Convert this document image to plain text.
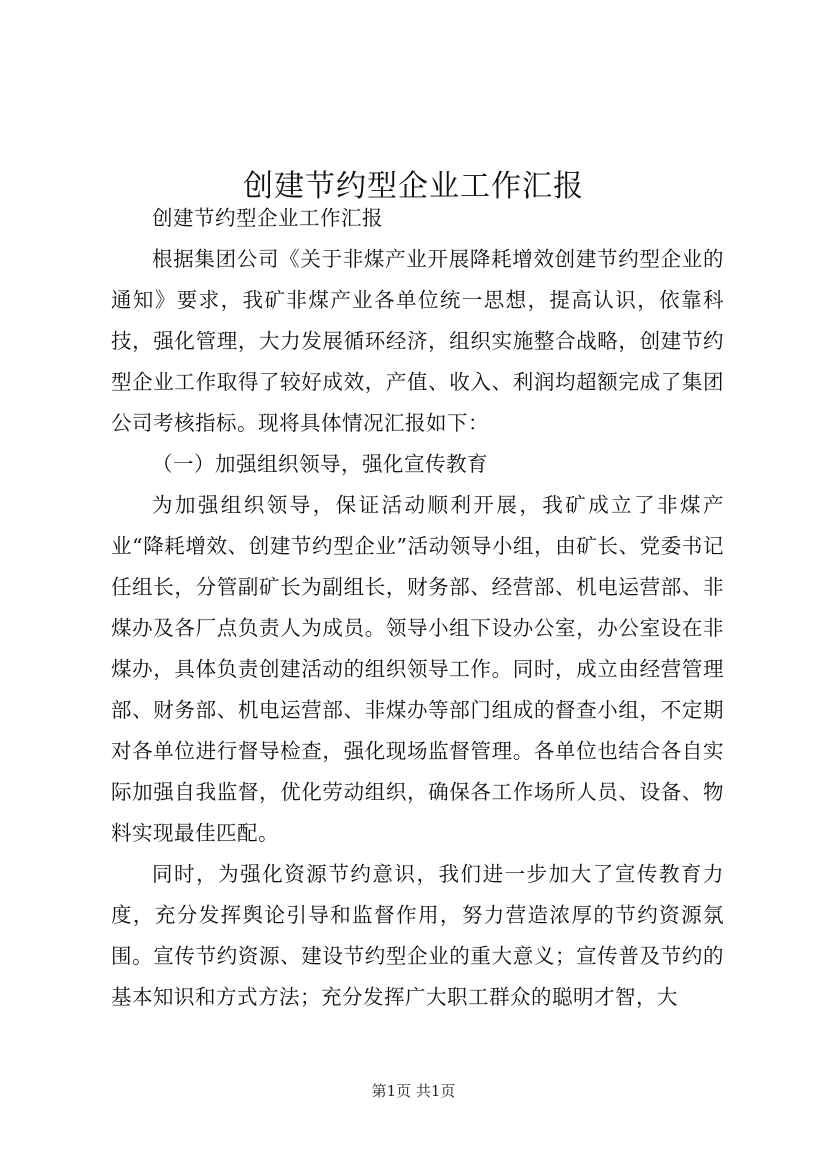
创建节约型企业工作汇报

创建节约型企业工作汇报

根据集团公司《关于非煤产业开展降耗增效创建节约型企业的通知》要求，我矿非煤产业各单位统一思想，提高认识，依靠科技，强化管理，大力发展循环经济，组织实施整合战略，创建节约型企业工作取得了较好成效，产值、收入、利润均超额完成了集团公司考核指标。现将具体情况汇报如下：

（一）加强组织领导，强化宣传教育

为加强组织领导，保证活动顺利开展，我矿成立了非煤产业“降耗增效、创建节约型企业”活动领导小组，由矿长、党委书记任组长，分管副矿长为副组长，财务部、经营部、机电运营部、非煤办及各厂点负责人为成员。领导小组下设办公室，办公室设在非煤办，具体负责创建活动的组织领导工作。同时，成立由经营管理部、财务部、机电运营部、非煤办等部门组成的督查小组，不定期对各单位进行督导检查，强化现场监督管理。各单位也结合各自实际加强自我监督，优化劳动组织，确保各工作场所人员、设备、物料实现最佳匹配。

同时，为强化资源节约意识，我们进一步加大了宣传教育力度，充分发挥舆论引导和监督作用，努力营造浓厚的节约资源氛围。宣传节约资源、建设节约型企业的重大意义；宣传普及节约的基本知识和方式方法；充分发挥广大职工群众的聪明才智，大

第1页 共1页
